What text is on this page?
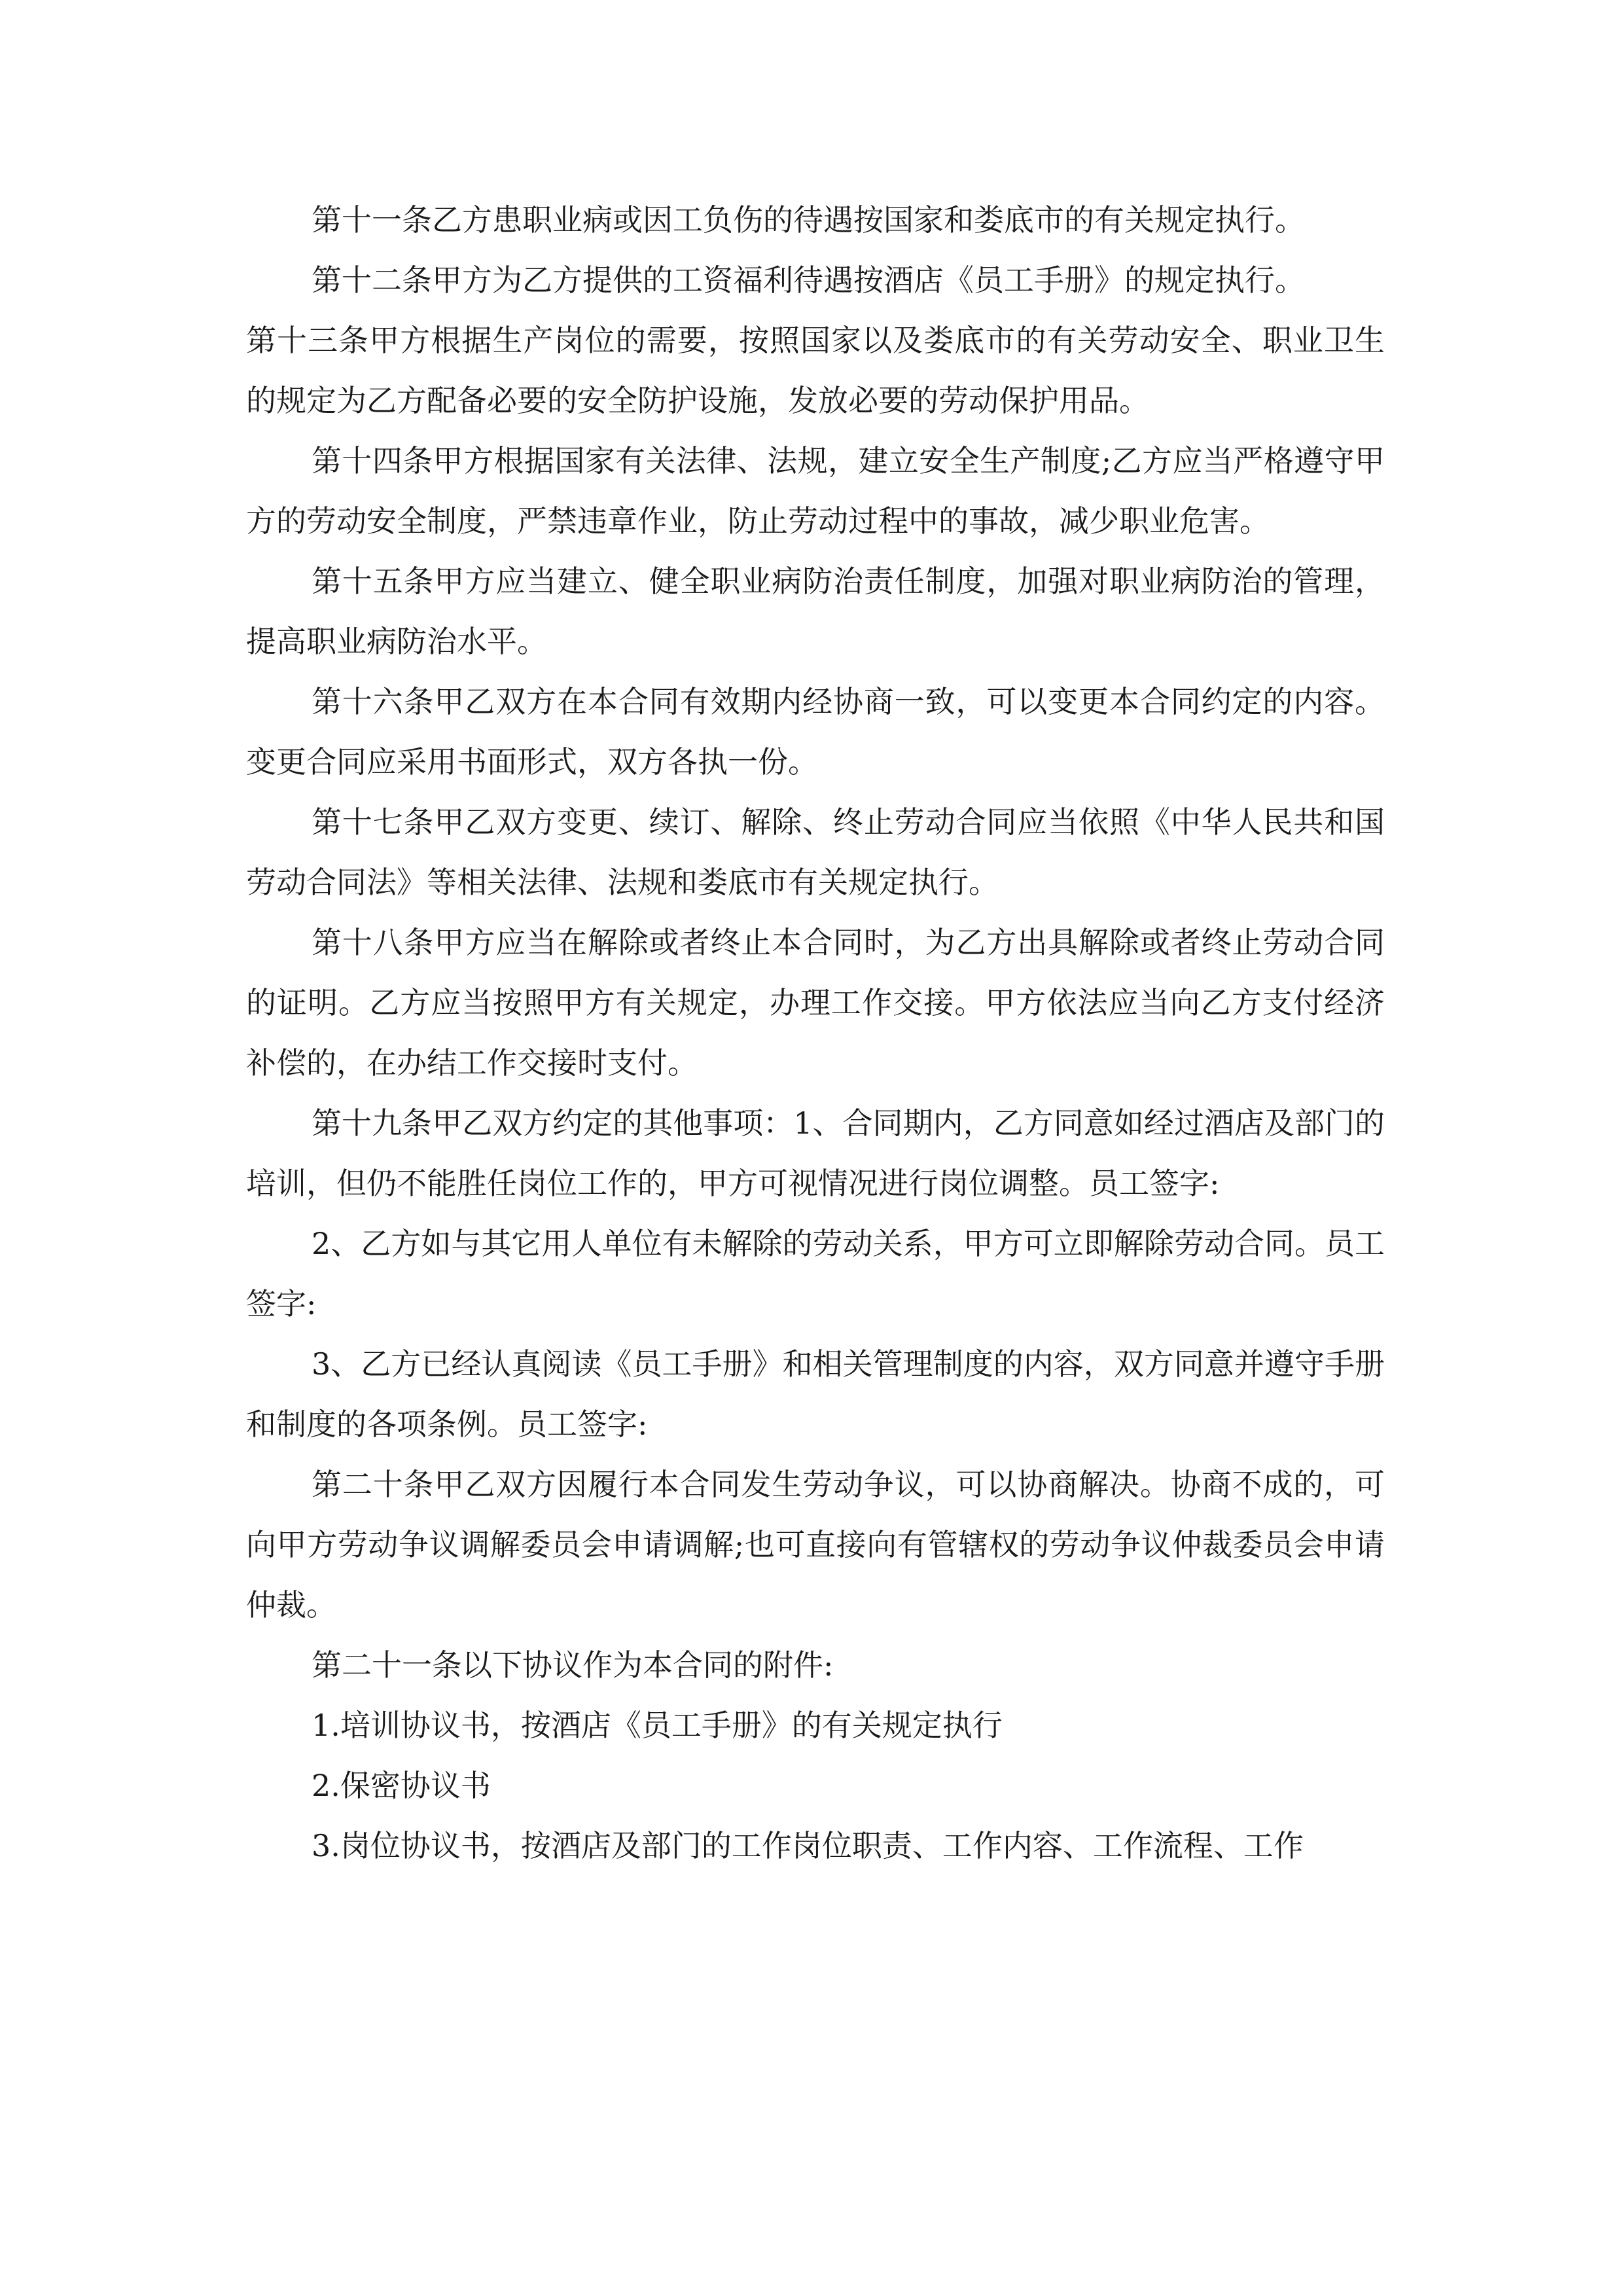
第十一条乙方患职业病或因工负伤的待遇按国家和娄底市的有关规定执行。

第十二条甲方为乙方提供的工资福利待遇按酒店《员工手册》的规定执行。

第十三条甲方根据生产岗位的需要，按照国家以及娄底市的有关劳动安全、职业卫生的规定为乙方配备必要的安全防护设施，发放必要的劳动保护用品。

第十四条甲方根据国家有关法律、法规，建立安全生产制度;乙方应当严格遵守甲方的劳动安全制度，严禁违章作业，防止劳动过程中的事故，减少职业危害。

第十五条甲方应当建立、健全职业病防治责任制度，加强对职业病防治的管理，提高职业病防治水平。

第十六条甲乙双方在本合同有效期内经协商一致，可以变更本合同约定的内容。变更合同应采用书面形式，双方各执一份。

第十七条甲乙双方变更、续订、解除、终止劳动合同应当依照《中华人民共和国劳动合同法》等相关法律、法规和娄底市有关规定执行。

第十八条甲方应当在解除或者终止本合同时，为乙方出具解除或者终止劳动合同的证明。乙方应当按照甲方有关规定，办理工作交接。甲方依法应当向乙方支付经济补偿的，在办结工作交接时支付。

第十九条甲乙双方约定的其他事项：1、合同期内，乙方同意如经过酒店及部门的培训，但仍不能胜任岗位工作的，甲方可视情况进行岗位调整。员工签字:

2、乙方如与其它用人单位有未解除的劳动关系，甲方可立即解除劳动合同。员工签字:

3、乙方已经认真阅读《员工手册》和相关管理制度的内容，双方同意并遵守手册和制度的各项条例。员工签字:

第二十条甲乙双方因履行本合同发生劳动争议，可以协商解决。协商不成的，可向甲方劳动争议调解委员会申请调解;也可直接向有管辖权的劳动争议仲裁委员会申请仲裁。

第二十一条以下协议作为本合同的附件:

1.培训协议书，按酒店《员工手册》的有关规定执行

2.保密协议书

3.岗位协议书，按酒店及部门的工作岗位职责、工作内容、工作流程、工作
